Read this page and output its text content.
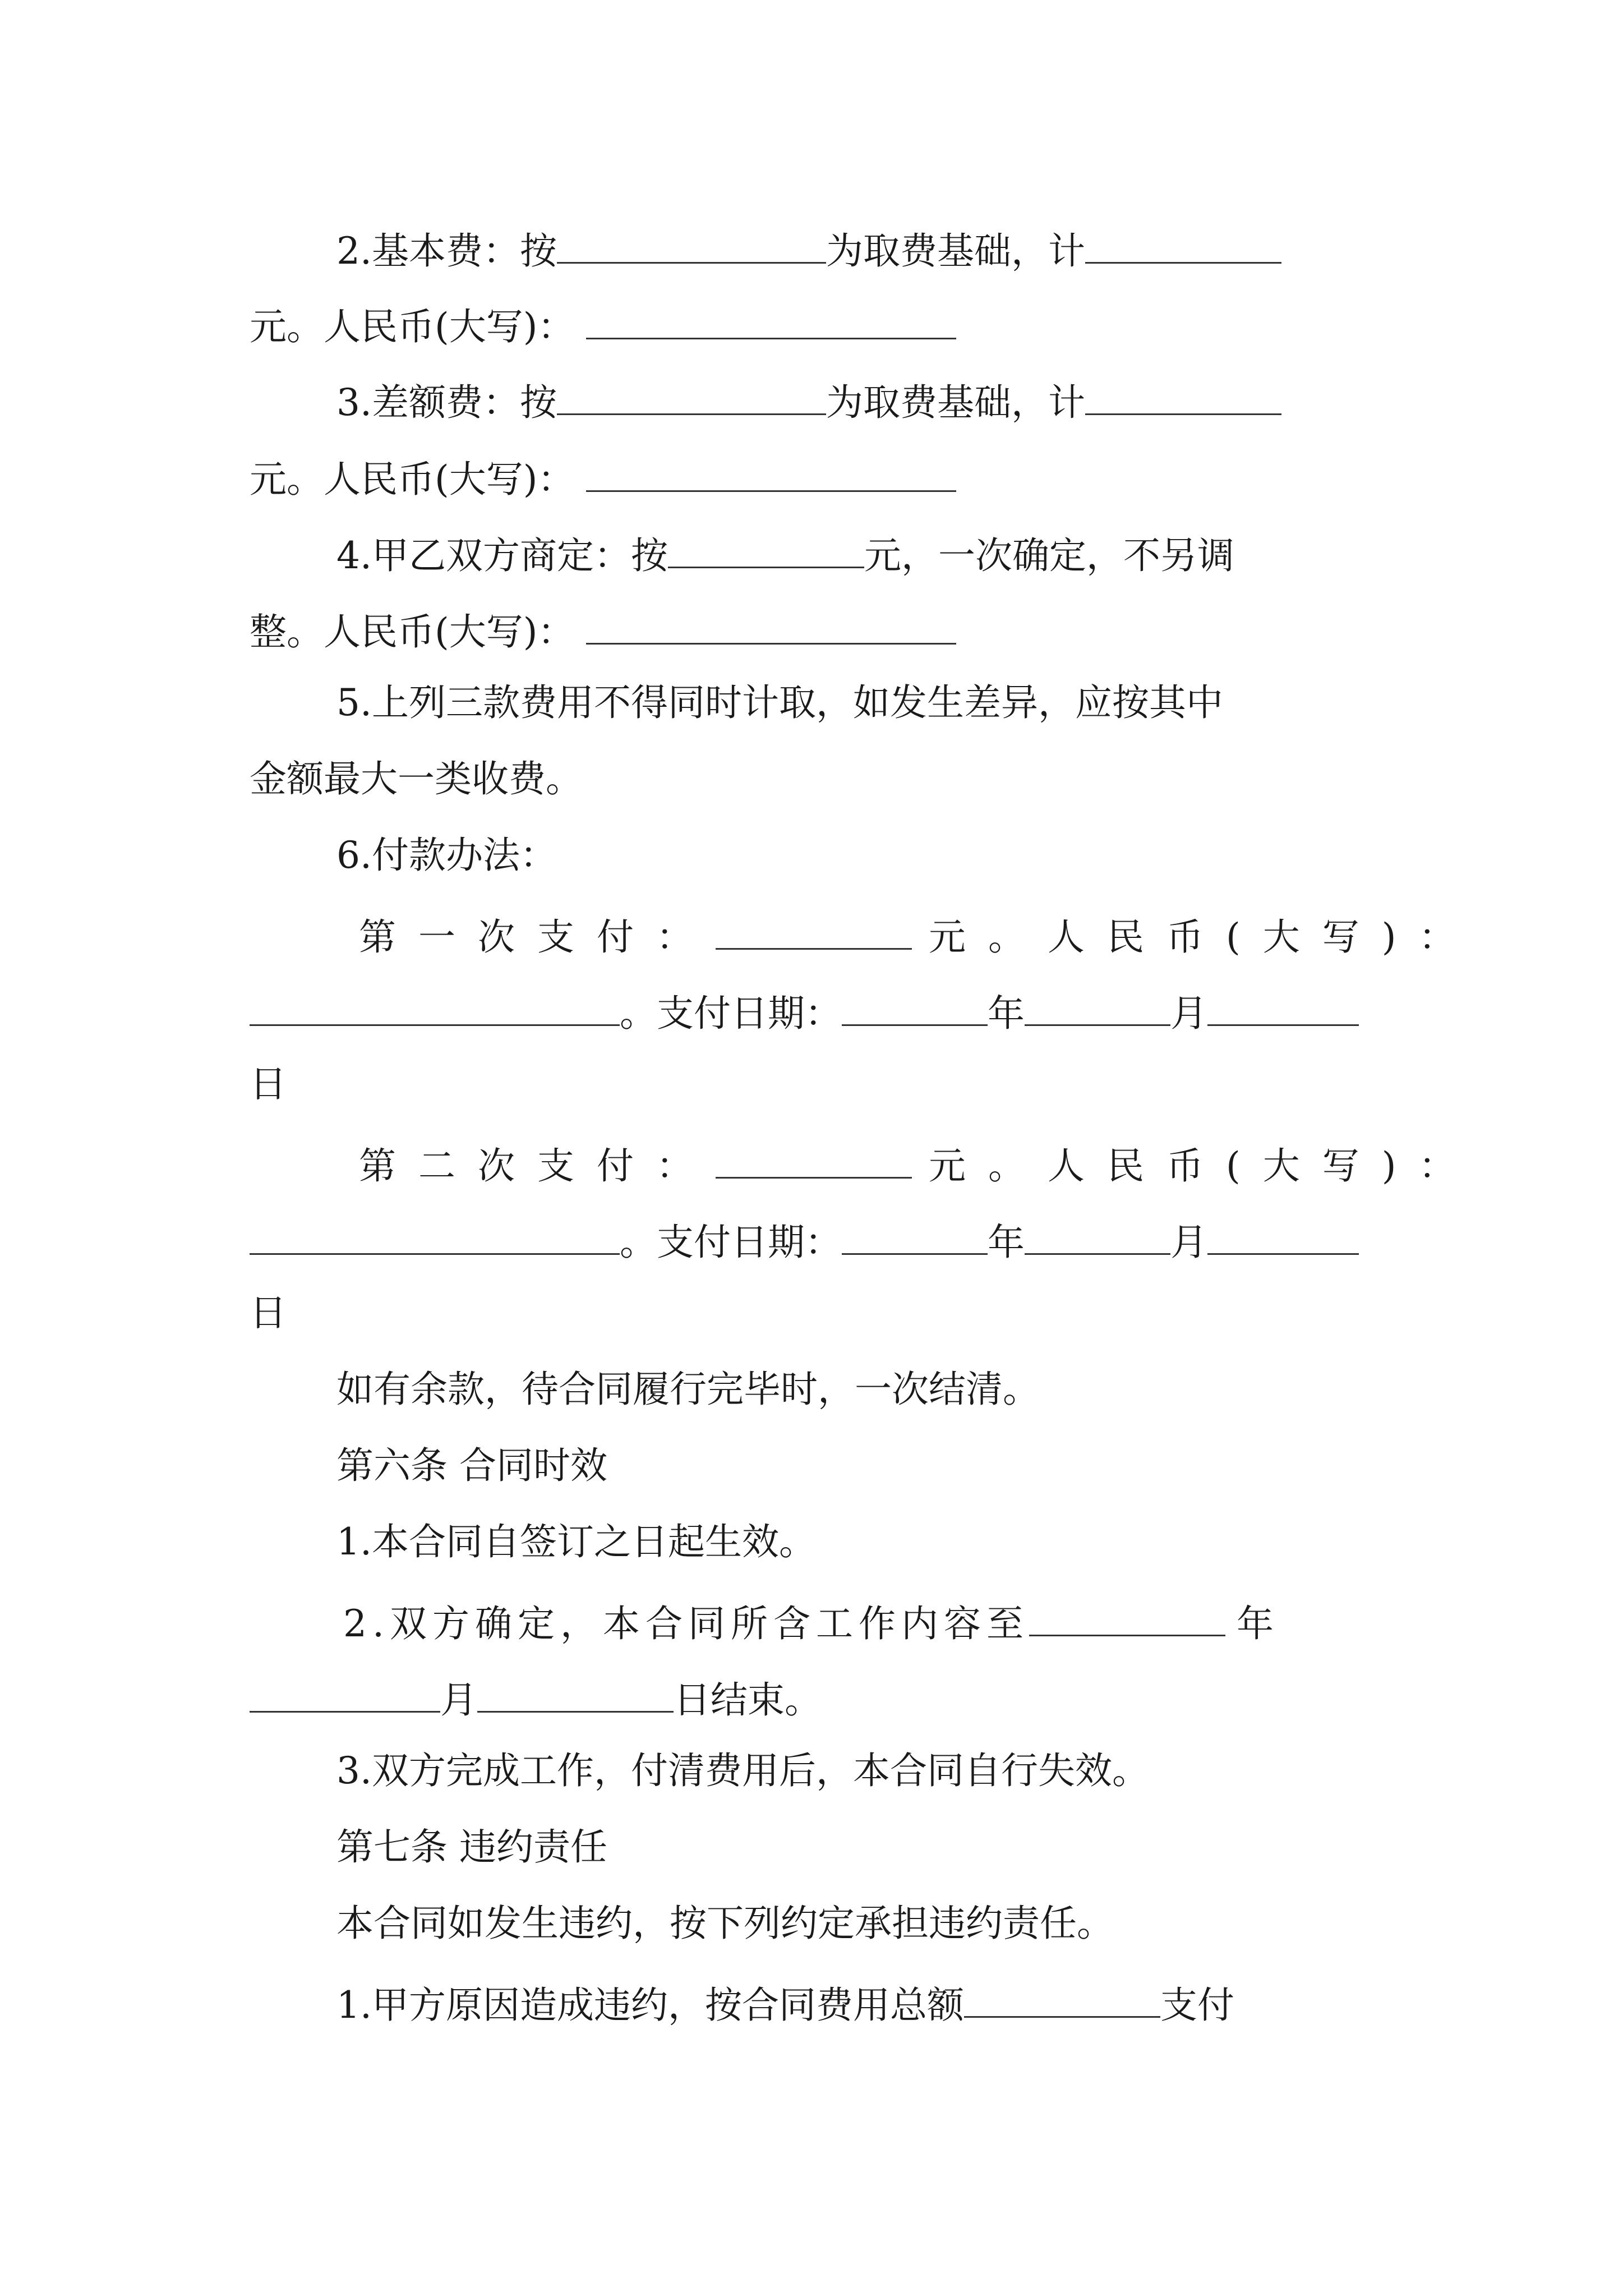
2.基本费：按	为取费基础，计
元。人民币(大写)：
3.差额费：按	为取费基础，计
元。人民币(大写)：
4.甲乙双方商定：按	元，一次确定，不另调
整。人民币(大写)：
5.上列三款费用不得同时计取，如发生差异，应按其中
金额最大一类收费。
6.付款办法：
第一次支付：	元。人民币(大写)：
。支付日期：	年	月
日
第二次支付：	元。人民币(大写)：
。支付日期：	年	月
日
如有余款，待合同履行完毕时，一次结清。
第六条 合同时效
1.本合同自签订之日起生效。
2.双方确定，本合同所含工作内容至	年
月	日结束。
3.双方完成工作，付清费用后，本合同自行失效。
第七条 违约责任
本合同如发生违约，按下列约定承担违约责任。
1.甲方原因造成违约，按合同费用总额	支付
